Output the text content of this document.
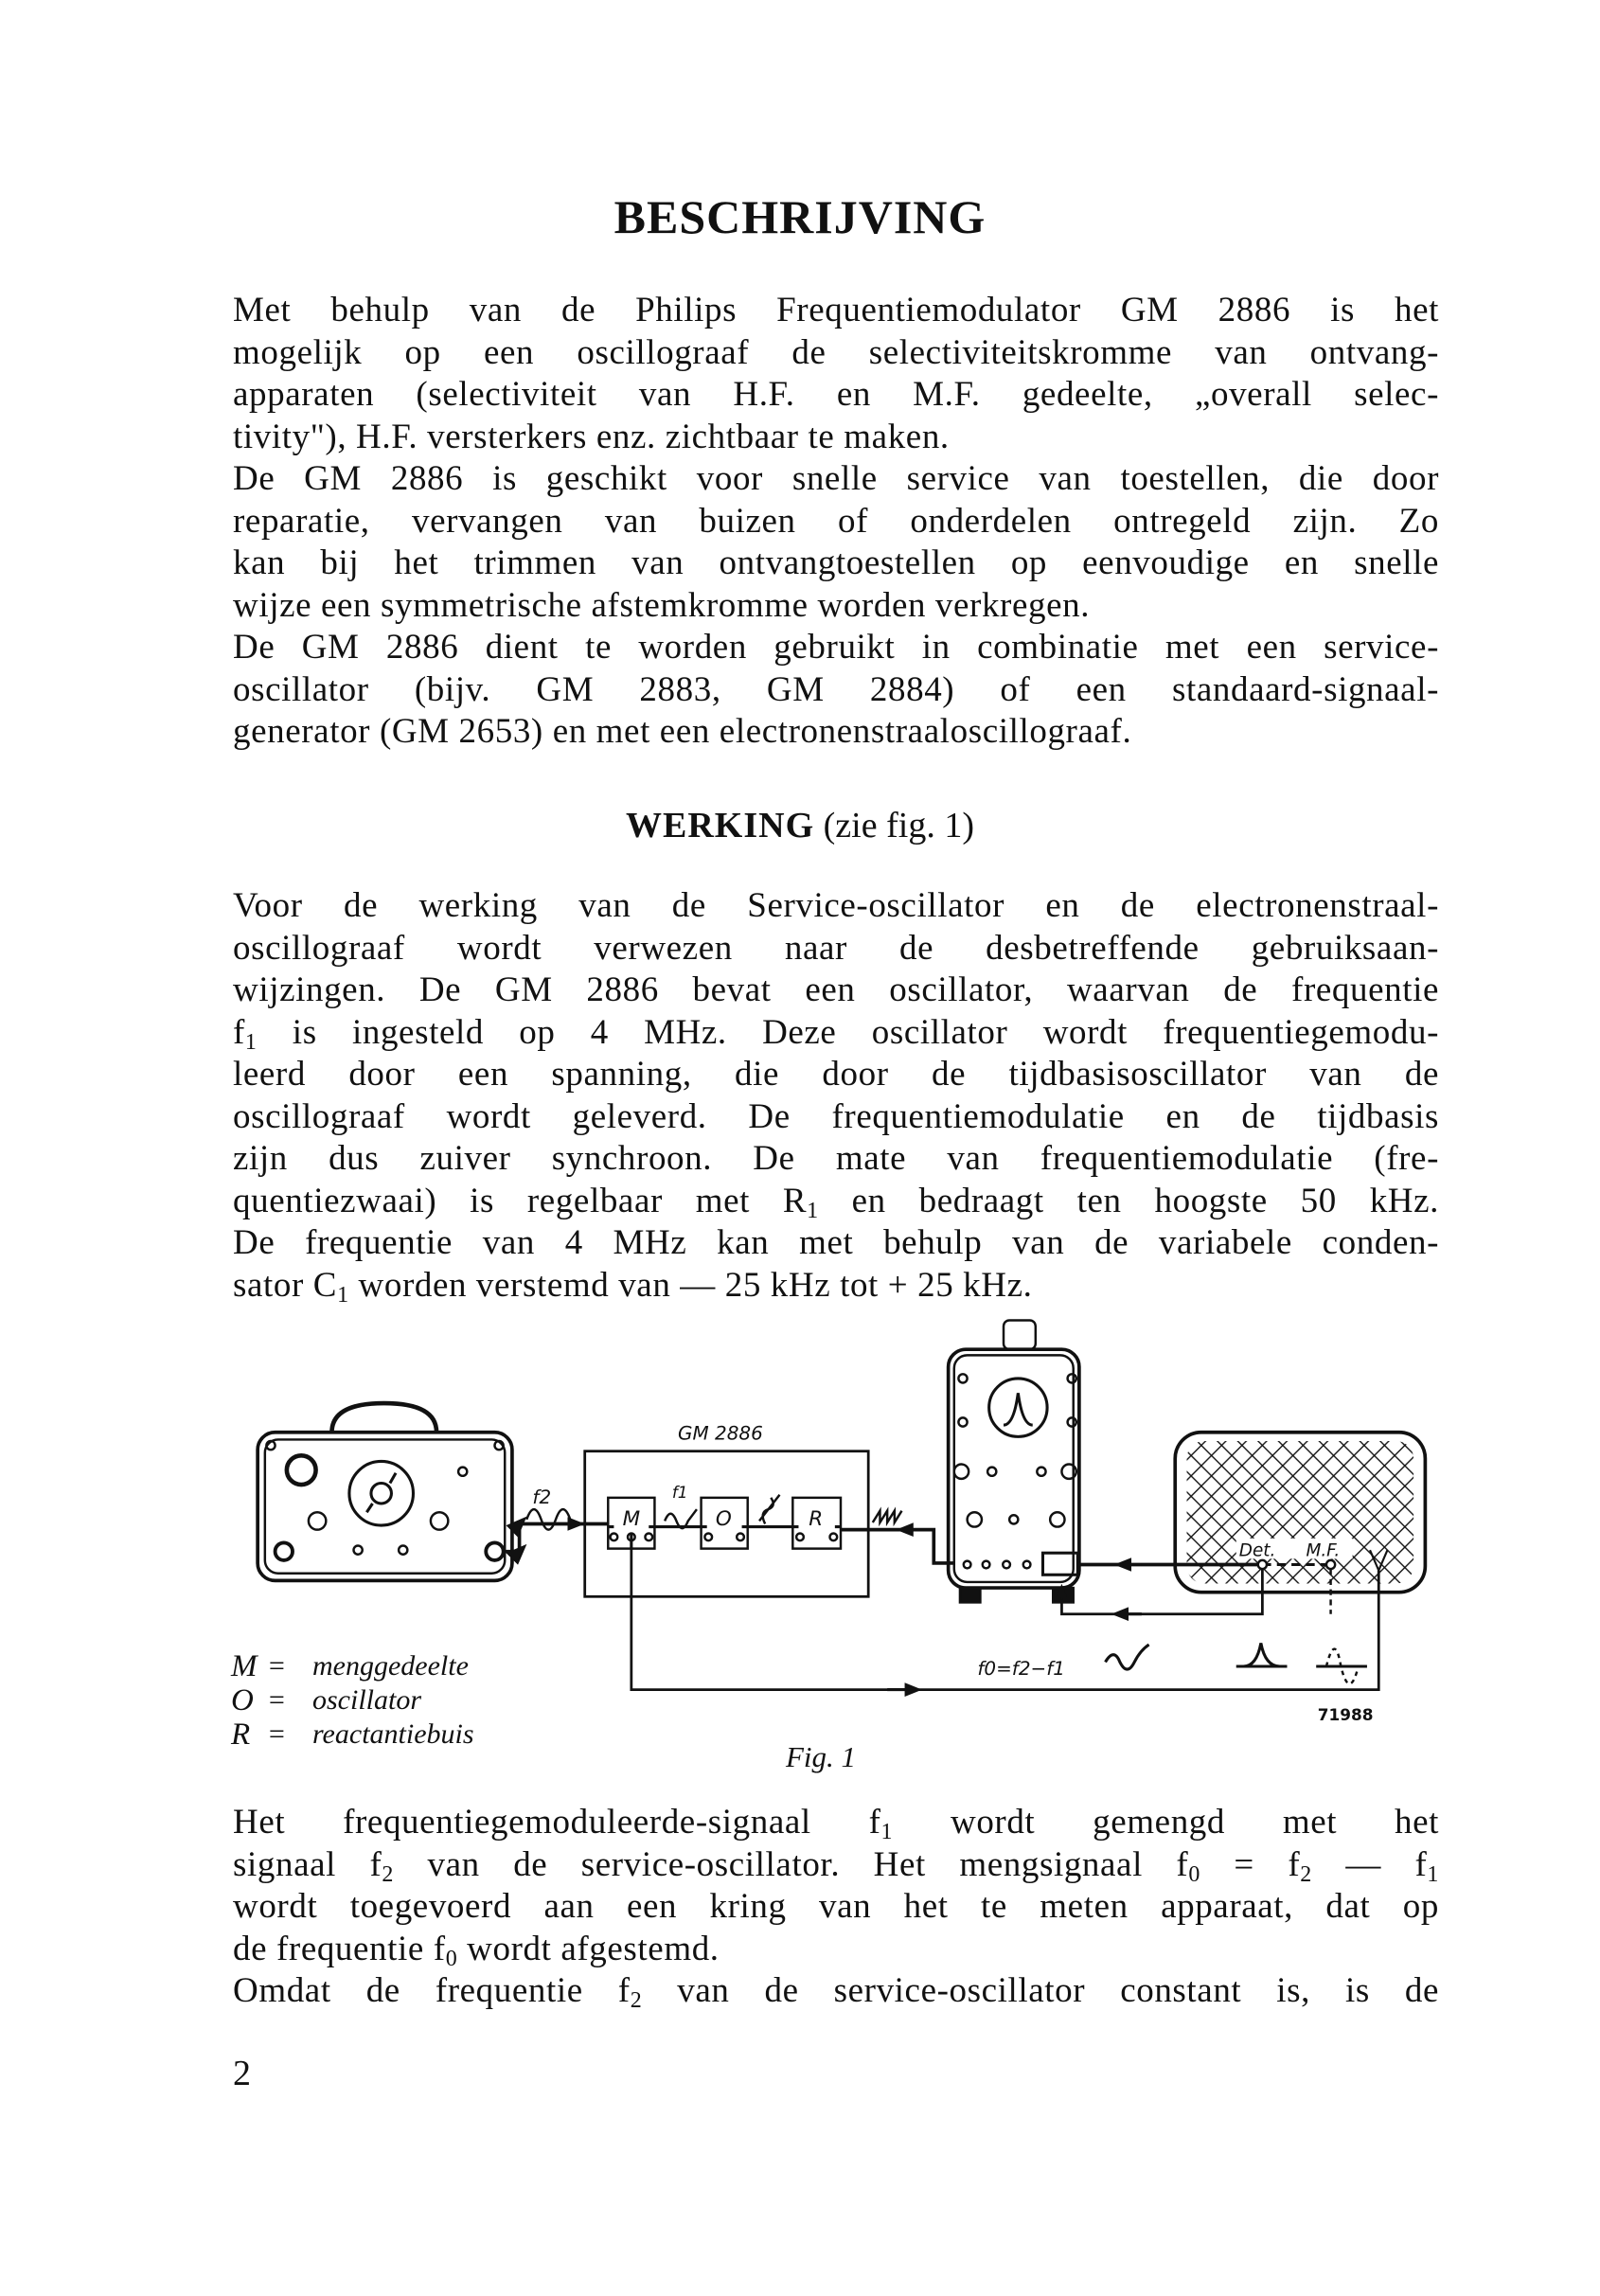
BESCHRIJVING
Met behulp van de Philips Frequentiemodulator GM 2886 is het
mogelijk op een oscillograaf de selectiviteitskromme van ontvang-
apparaten (selectiviteit van H.F. en M.F. gedeelte, „overall selec-
tivity"), H.F. versterkers enz. zichtbaar te maken.
De GM 2886 is geschikt voor snelle service van toestellen, die door
reparatie, vervangen van buizen of onderdelen ontregeld zijn. Zo
kan bij het trimmen van ontvangtoestellen op eenvoudige en snelle
wijze een symmetrische afstemkromme worden verkregen.
De GM 2886 dient te worden gebruikt in combinatie met een service-
oscillator (bijv. GM 2883, GM 2884) of een standaard-signaal-
generator (GM 2653) en met een electronenstraaloscillograaf.
WERKING (zie fig. 1)
Voor de werking van de Service-oscillator en de electronenstraal-
oscillograaf wordt verwezen naar de desbetreffende gebruiksaan-
wijzingen. De GM 2886 bevat een oscillator, waarvan de frequentie
$f_1$ is ingesteld op 4 MHz. Deze oscillator wordt frequentiegemodu-
leerd door een spanning, die door de tijdbasisoscillator van de
oscillograaf wordt geleverd. De frequentiemodulatie en de tijdbasis
zijn dus zuiver synchroon. De mate van frequentiemodulatie (fre-
quentiezwaai) is regelbaar met $R_1$ en bedraagt ten hoogste 50 kHz.
De frequentie van 4 MHz kan met behulp van de variabele conden-
sator $C_1$ worden verstemd van — 25 kHz tot + 25 kHz.
f2
GM 2886
M	O	R
f1
Det.	M.F.
f0=f2−f1
71988
M = menggedeelte
O = oscillator
R = reactantiebuis
Fig. 1
Het frequentiegemoduleerde-signaal $f_1$ wordt gemengd met het
signaal $f_2$ van de service-oscillator. Het mengsignaal $f_0 = f_2$ — $f_1$
wordt toegevoerd aan een kring van het te meten apparaat, dat op
de frequentie $f_0$ wordt afgestemd.
Omdat de frequentie $f_2$ van de service-oscillator constant is, is de
2
